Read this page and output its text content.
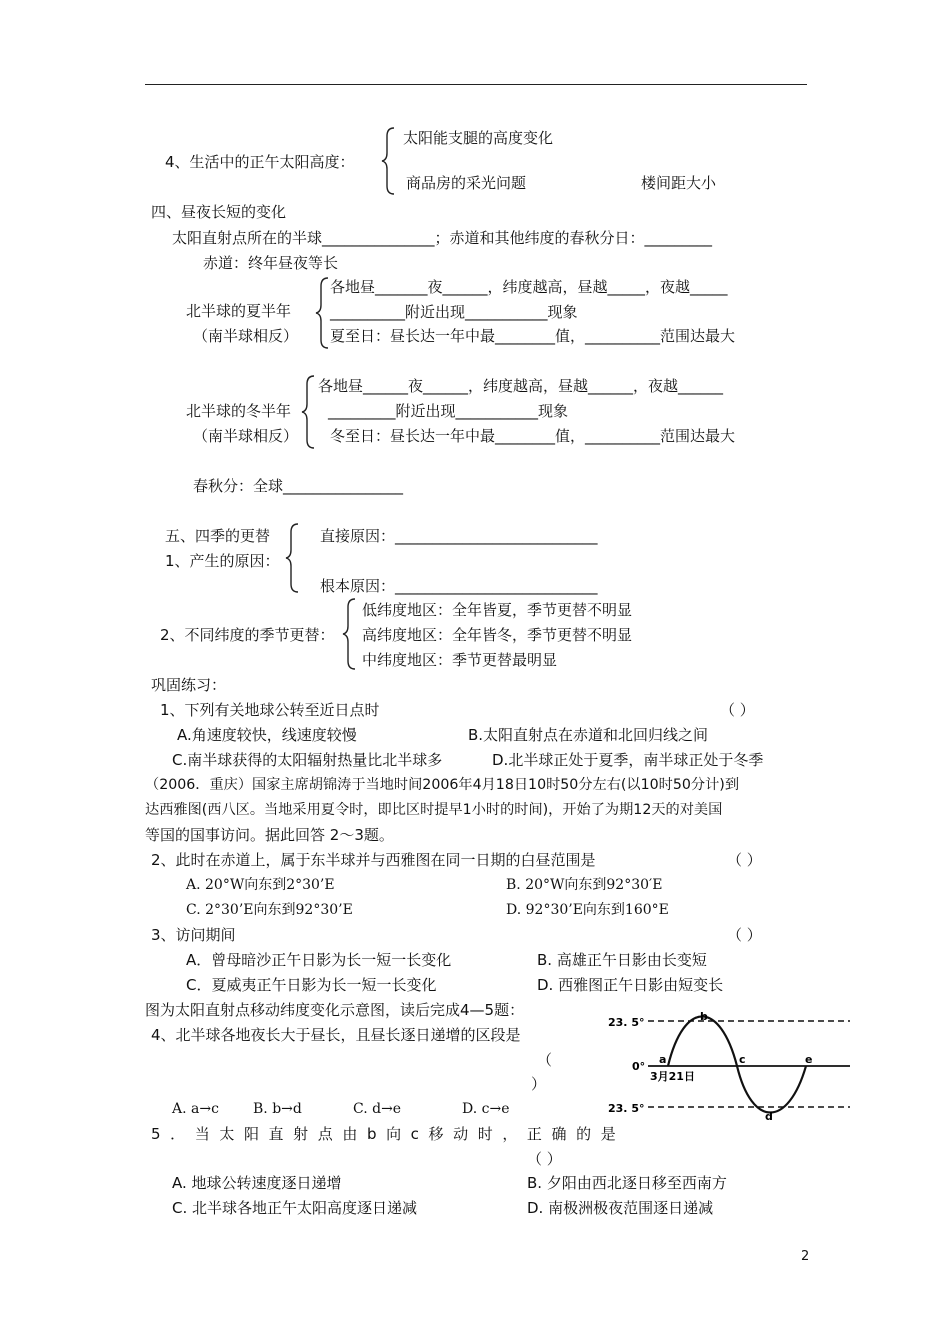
4、生活中的正午太阳高度：
太阳能支腿的高度变化
商品房的采光问题	楼间距大小
四、昼夜长短的变化
太阳直射点所在的半球_______________；赤道和其他纬度的春秋分日：_________
赤道：终年昼夜等长
北半球的夏半年
（南半球相反）
各地昼_______夜______，纬度越高，昼越_____，夜越_____
__________附近出现___________现象
夏至日：昼长达一年中最________值，__________范围达最大
北半球的冬半年
（南半球相反）
各地昼______夜______，纬度越高，昼越______，夜越______
_________附近出现___________现象
冬至日：昼长达一年中最________值，__________范围达最大
春秋分：全球________________
五、四季的更替
1、产生的原因：
直接原因：___________________________
根本原因：___________________________
2、不同纬度的季节更替：
低纬度地区：全年皆夏，季节更替不明显
高纬度地区：全年皆冬，季节更替不明显
中纬度地区：季节更替最明显
巩固练习：
1、下列有关地球公转至近日点时	（ ）
A.角速度较快，线速度较慢	B.太阳直射点在赤道和北回归线之间
C.南半球获得的太阳辐射热量比北半球多	D.北半球正处于夏季，南半球正处于冬季
（2006．重庆）国家主席胡锦涛于当地时间2006年4月18日10时50分左右(以10时50分计)到
达西雅图(西八区。当地采用夏令时，即比区时提早1小时的时间)，开始了为期12天的对美国
等国的国事访问。据此回答 2～3题。
2、此时在赤道上，属于东半球并与西雅图在同一日期的白昼范围是	（ ）
A. 20°W向东到2°30’E	B. 20°W向东到92°30′E
C. 2°30’E向东到92°30’E	D. 92°30’E向东到160°E
3、访问期间	（ ）
A．曾母暗沙正午日影为长一短一长变化	B. 高雄正午日影由长变短
C．夏威夷正午日影为长一短一长变化	D. 西雅图正午日影由短变长
图为太阳直射点移动纬度变化示意图，读后完成4—5题：
4、北半球各地夜长大于昼长，且昼长逐日递增的区段是
（
）
A. a→c B. b→d	C. d→e	D. c→e
5．当太阳直射点由b向c移动时，正确的是
（ ）
A. 地球公转速度逐日递增	B. 夕阳由西北逐日移至西南方
C. 北半球各地正午太阳高度逐日递减	D. 南极洲极夜范围逐日递减
23. 5°
0°
23. 5°
3月21日
a
b
c
d
e
2
